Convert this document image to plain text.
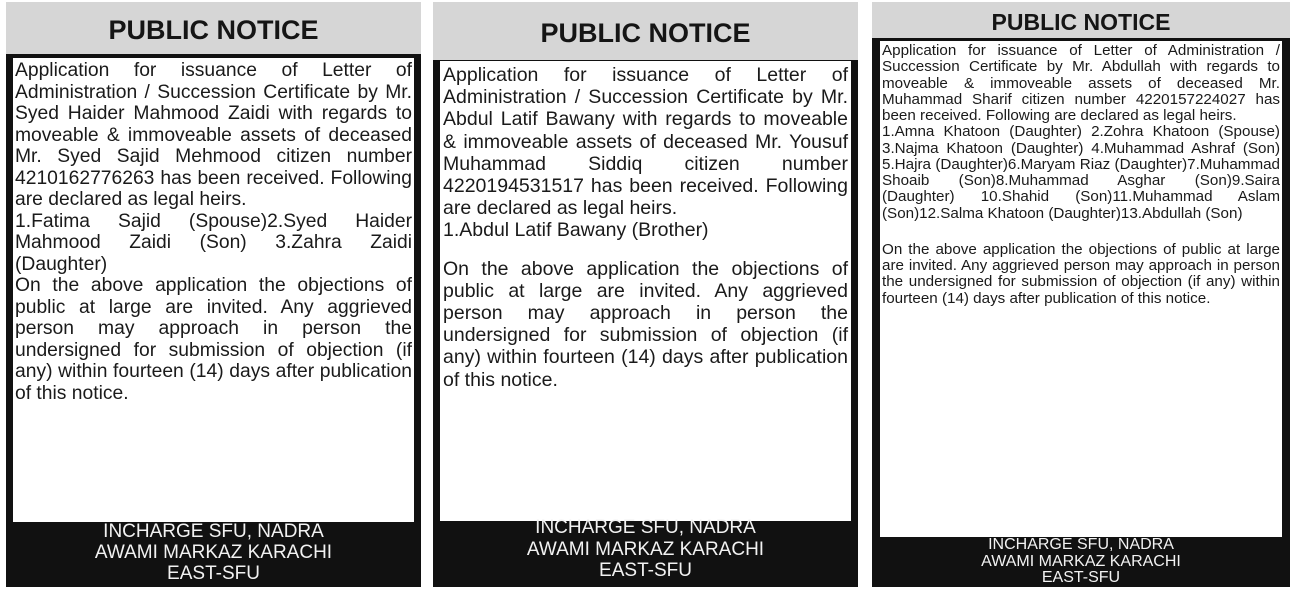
PUBLIC NOTICE

Application for issuance of Letter of Administration / Succession Certificate by Mr. Syed Haider Mahmood Zaidi with regards to moveable & immoveable assets of deceased Mr. Syed Sajid Mehmood citizen number 4210162776263 has been received. Following are declared as legal heirs.

1.Fatima Sajid (Spouse)2.Syed Haider Mahmood Zaidi (Son) 3.Zahra Zaidi (Daughter)

On the above application the objections of public at large are invited. Any aggrieved person may approach in person the undersigned for submission of objection (if any) within fourteen (14) days after publication of this notice.

INCHARGE SFU, NADRA
AWAMI MARKAZ KARACHI
EAST-SFU
PUBLIC NOTICE

Application for issuance of Letter of Administration / Succession Certificate by Mr. Abdul Latif Bawany with regards to moveable & immoveable assets of deceased Mr. Yousuf Muhammad Siddiq citizen number 4220194531517 has been received. Following are declared as legal heirs.

1.Abdul Latif Bawany (Brother)

On the above application the objections of public at large are invited. Any aggrieved person may approach in person the undersigned for submission of objection (if any) within fourteen (14) days after publication of this notice.

INCHARGE SFU, NADRA
AWAMI MARKAZ KARACHI
EAST-SFU
PUBLIC NOTICE

Application for issuance of Letter of Administration / Succession Certificate by Mr. Abdullah with regards to moveable & immoveable assets of deceased Mr. Muhammad Sharif citizen number 4220157224027 has been received. Following are declared as legal heirs.

1.Amna Khatoon (Daughter) 2.Zohra Khatoon (Spouse) 3.Najma Khatoon (Daughter) 4.Muhammad Ashraf (Son) 5.Hajra (Daughter)6.Maryam Riaz (Daughter)7.Muhammad Shoaib (Son)8.Muhammad Asghar (Son)9.Saira (Daughter) 10.Shahid (Son)11.Muhammad Aslam (Son)12.Salma Khatoon (Daughter)13.Abdullah (Son)

On the above application the objections of public at large are invited. Any aggrieved person may approach in person the undersigned for submission of objection (if any) within fourteen (14) days after publication of this notice.

INCHARGE SFU, NADRA
AWAMI MARKAZ KARACHI
EAST-SFU
